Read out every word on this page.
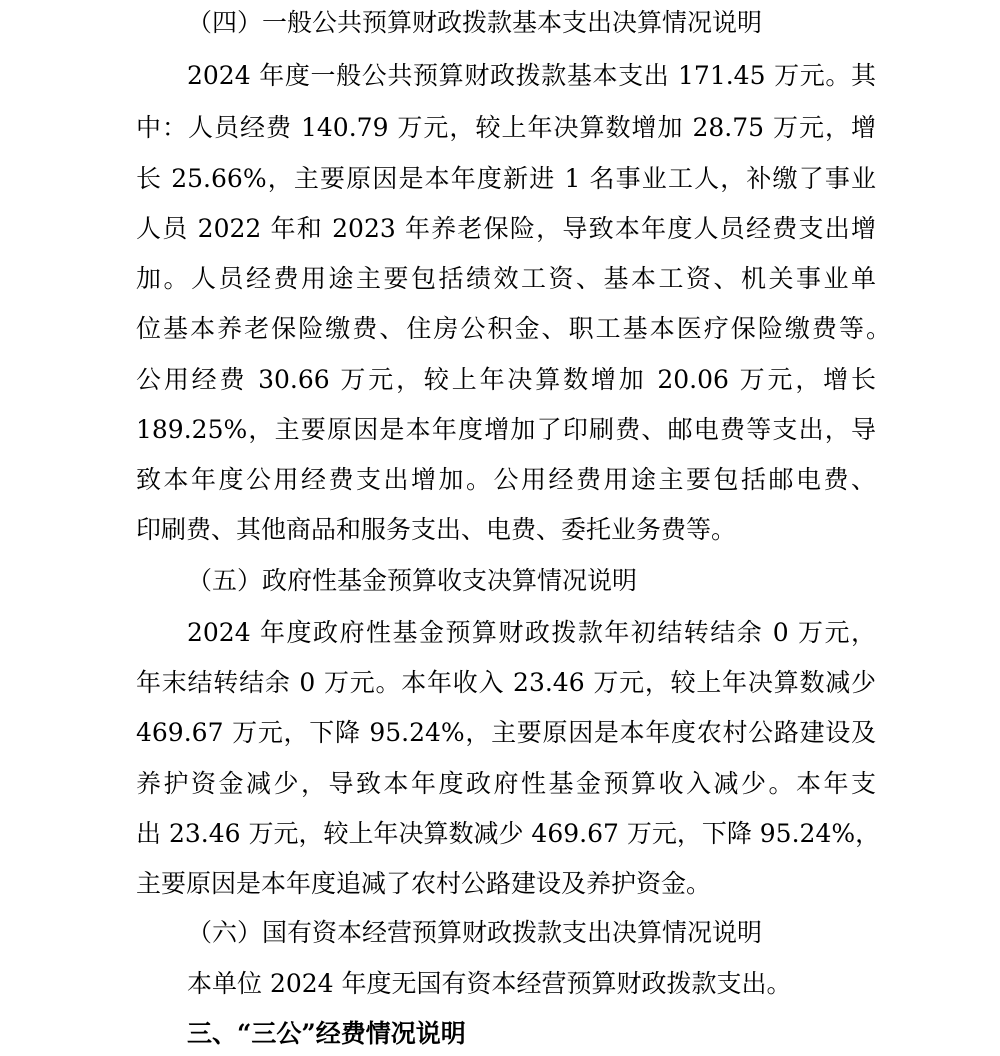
（四）一般公共预算财政拨款基本支出决算情况说明
2024 年度一般公共预算财政拨款基本支出 171.45 万元。其
中：人员经费 140.79 万元，较上年决算数增加 28.75 万元，增
长 25.66%，主要原因是本年度新进 1 名事业工人，补缴了事业
人员 2022 年和 2023 年养老保险，导致本年度人员经费支出增
加。人员经费用途主要包括绩效工资、基本工资、机关事业单
位基本养老保险缴费、住房公积金、职工基本医疗保险缴费等。
公用经费 30.66 万元，较上年决算数增加 20.06 万元，增长
189.25%，主要原因是本年度增加了印刷费、邮电费等支出，导
致本年度公用经费支出增加。公用经费用途主要包括邮电费、
印刷费、其他商品和服务支出、电费、委托业务费等。
（五）政府性基金预算收支决算情况说明
2024 年度政府性基金预算财政拨款年初结转结余 0 万元，
年末结转结余 0 万元。本年收入 23.46 万元，较上年决算数减少
469.67 万元，下降 95.24%，主要原因是本年度农村公路建设及
养护资金减少，导致本年度政府性基金预算收入减少。本年支
出 23.46 万元，较上年决算数减少 469.67 万元，下降 95.24%，
主要原因是本年度追减了农村公路建设及养护资金。
（六）国有资本经营预算财政拨款支出决算情况说明
本单位 2024 年度无国有资本经营预算财政拨款支出。
三、“三公”经费情况说明
